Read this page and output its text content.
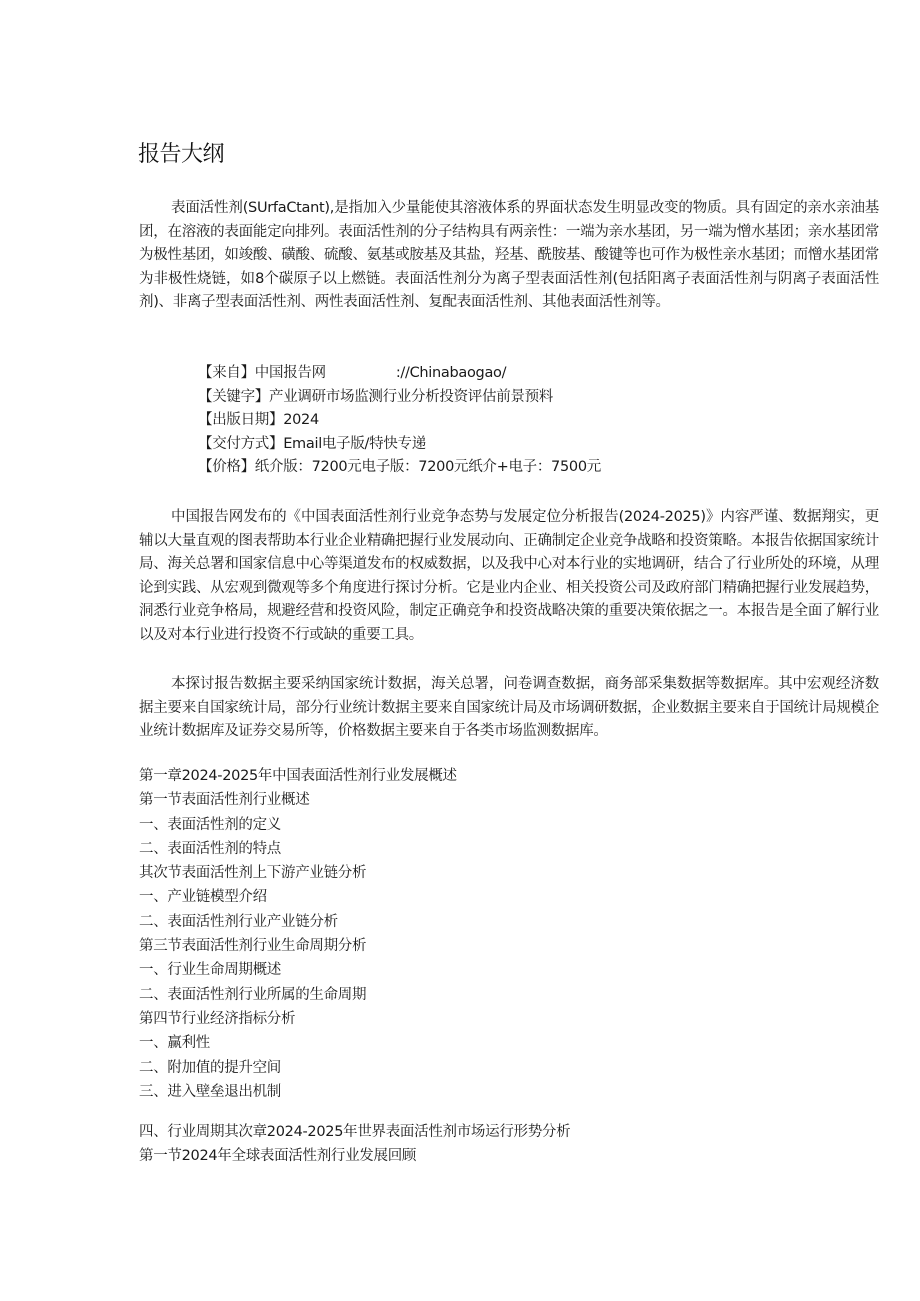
报告大纲

表面活性剂(SUrfaCtant),是指加入少量能使其溶液体系的界面状态发生明显改变的物质。具有固定的亲水亲油基团，在溶液的表面能定向排列。表面活性剂的分子结构具有两亲性：一端为亲水基团，另一端为憎水基团；亲水基团常为极性基团，如竣酸、磺酸、硫酸、氨基或胺基及其盐，羟基、酰胺基、酸键等也可作为极性亲水基团；而憎水基团常为非极性烧链，如8个碳原子以上燃链。表面活性剂分为离子型表面活性剂(包括阳离子表面活性剂与阴离子表面活性剂)、非离子型表面活性剂、两性表面活性剂、复配表面活性剂、其他表面活性剂等。

【来自】中国报告网	://Chinabaogao/
【关键字】产业调研市场监测行业分析投资评估前景预料
【出版日期】2024
【交付方式】Email电子版/特快专递
【价格】纸介版：7200元电子版：7200元纸介+电子：7500元

中国报告网发布的《中国表面活性剂行业竞争态势与发展定位分析报告(2024-2025)》内容严谨、数据翔实，更辅以大量直观的图表帮助本行业企业精确把握行业发展动向、正确制定企业竞争战略和投资策略。本报告依据国家统计局、海关总署和国家信息中心等渠道发布的权威数据，以及我中心对本行业的实地调研，结合了行业所处的环境，从理论到实践、从宏观到微观等多个角度进行探讨分析。它是业内企业、相关投资公司及政府部门精确把握行业发展趋势，洞悉行业竞争格局，规避经营和投资风险，制定正确竞争和投资战略决策的重要决策依据之一。本报告是全面了解行业以及对本行业进行投资不行或缺的重要工具。

本探讨报告数据主要采纳国家统计数据，海关总署，问卷调查数据，商务部采集数据等数据库。其中宏观经济数据主要来自国家统计局，部分行业统计数据主要来自国家统计局及市场调研数据，企业数据主要来自于国统计局规模企业统计数据库及证券交易所等，价格数据主要来自于各类市场监测数据库。

第一章2024-2025年中国表面活性剂行业发展概述
第一节表面活性剂行业概述
一、表面活性剂的定义
二、表面活性剂的特点
其次节表面活性剂上下游产业链分析
一、产业链模型介绍
二、表面活性剂行业产业链分析
第三节表面活性剂行业生命周期分析
一、行业生命周期概述
二、表面活性剂行业所属的生命周期
第四节行业经济指标分析
一、赢利性
二、附加值的提升空间
三、进入壁垒退出机制
四、行业周期其次章2024-2025年世界表面活性剂市场运行形势分析
第一节2024年全球表面活性剂行业发展回顾
